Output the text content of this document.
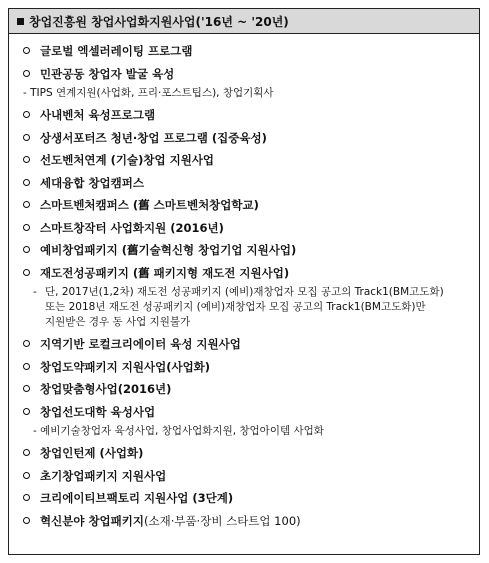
창업진흥원 창업사업화지원사업('16년 ~ '20년)
글로벌 엑셀러레이팅 프로그램
민관공동 창업자 발굴 육성
- TIPS 연계지원(사업화, 프리·포스트팁스), 창업기획사
사내벤처 육성프로그램
상생서포터즈 청년·창업 프로그램 (집중육성)
선도벤처연계 (기술)창업 지원사업
세대융합 창업캠퍼스
스마트벤처캠퍼스 (舊 스마트벤처창업학교)
스마트창작터 사업화지원 (2016년)
예비창업패키지 (舊기술혁신형 창업기업 지원사업)
재도전성공패키지 (舊 패키지형 재도전 지원사업)
- 단, 2017년(1,2차) 재도전 성공패키지 (예비)재창업자 모집 공고의 Track1(BM고도화)
또는 2018년 재도전 성공패키지 (예비)재창업자 모집 공고의 Track1(BM고도화)만
지원받은 경우 동 사업 지원불가
지역기반 로컬크리에이터 육성 지원사업
창업도약패키지 지원사업(사업화)
창업맞춤형사업(2016년)
창업선도대학 육성사업
- 예비기술창업자 육성사업, 창업사업화지원, 창업아이템 사업화
창업인턴제 (사업화)
초기창업패키지 지원사업
크리에이티브팩토리 지원사업 (3단계)
혁신분야 창업패키지(소재·부품·장비 스타트업 100)
